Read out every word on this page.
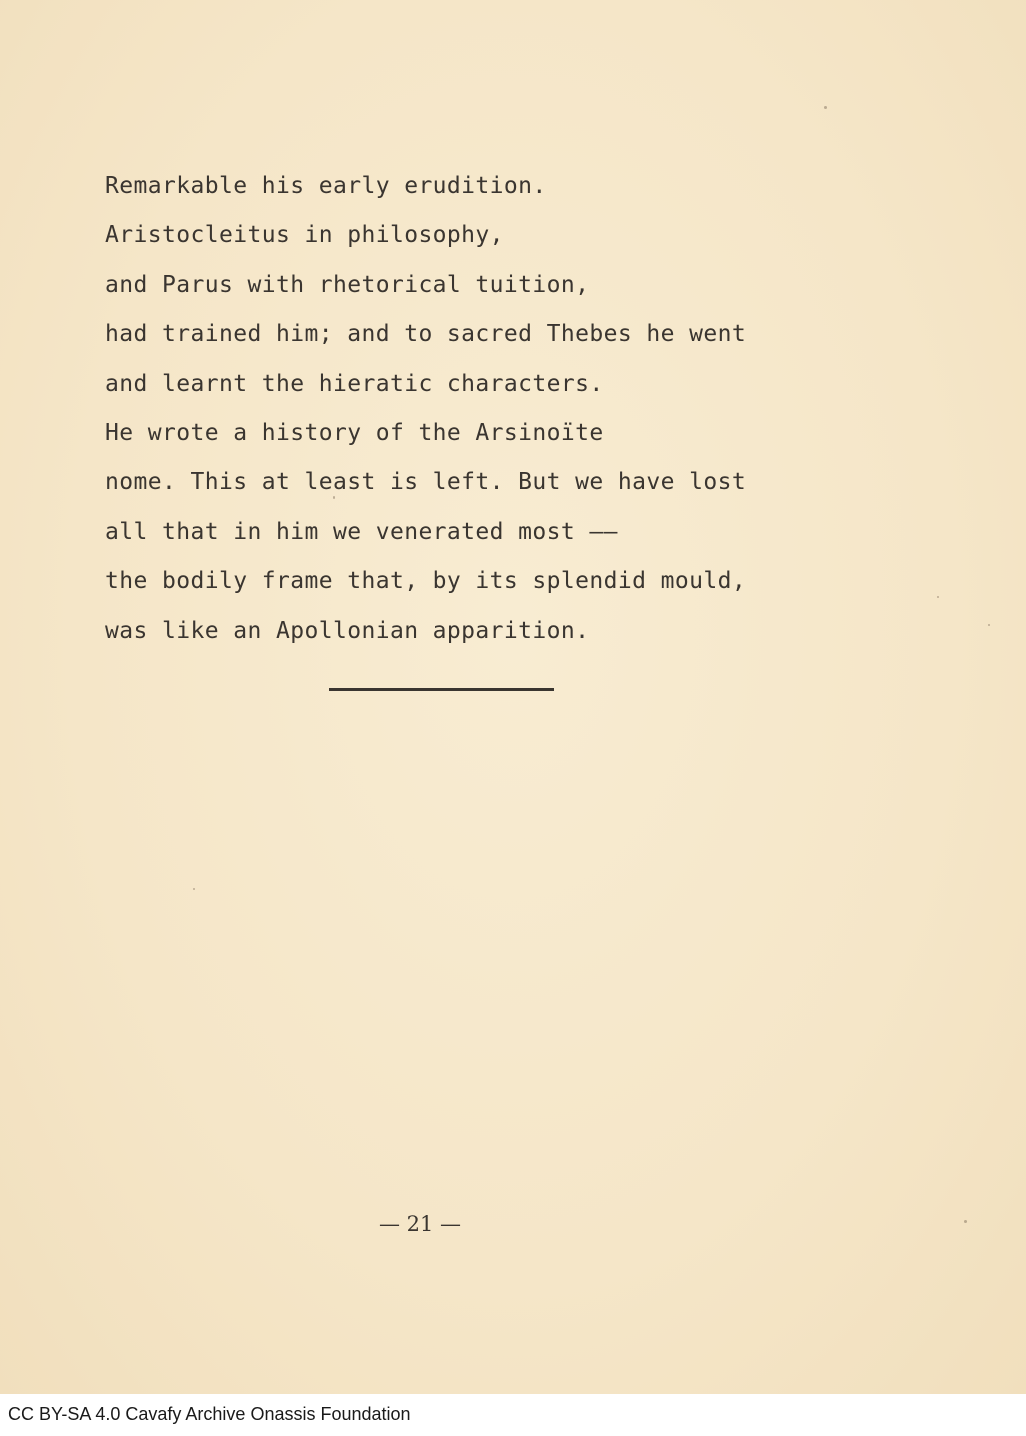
Remarkable his early erudition.
Aristocleitus in philosophy,
and Parus with rhetorical tuition,
had trained him; and to sacred Thebes he went
and learnt the hieratic characters.
He wrote a history of the Arsinoïte
nome. This at least is left. But we have lost
all that in him we venerated most ——
the bodily frame that, by its splendid mould,
was like an Apollonian apparition.
— 21 —
CC BY-SA 4.0 Cavafy Archive Onassis Foundation
